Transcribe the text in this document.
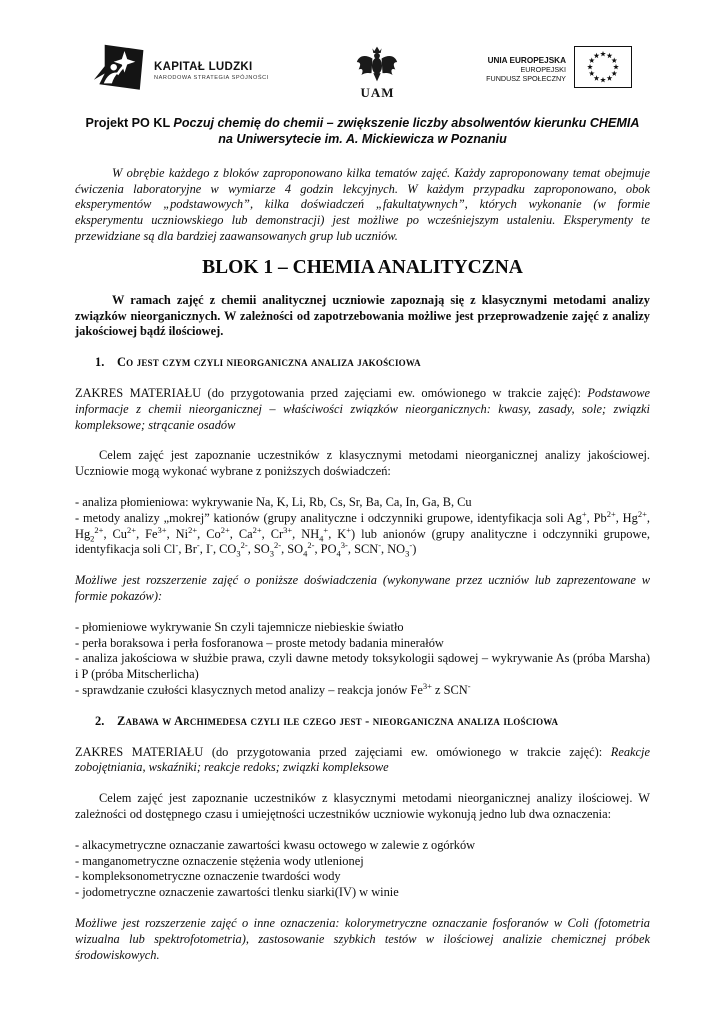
KAPITAŁ LUDZKI
NARODOWA STRATEGIA SPÓJNOŚCI
UAM
UNIA EUROPEJSKA
EUROPEJSKI
FUNDUSZ SPOŁECZNY
Projekt PO KL Poczuj chemię do chemii – zwiększenie liczby absolwentów kierunku CHEMIA
na Uniwersytecie im. A. Mickiewicza w Poznaniu

W obrębie każdego z bloków zaproponowano kilka tematów zajęć. Każdy zaproponowany temat obejmuje ćwiczenia laboratoryjne w wymiarze 4 godzin lekcyjnych. W każdym przypadku zaproponowano, obok eksperymentów „podstawowych”, kilka doświadczeń „fakultatywnych”, których wykonanie (w formie eksperymentu uczniowskiego lub demonstracji) jest możliwe po wcześniejszym ustaleniu. Eksperymenty te przewidziane są dla bardziej zaawansowanych grup lub uczniów.

BLOK 1 – CHEMIA ANALITYCZNA

W ramach zajęć z chemii analitycznej uczniowie zapoznają się z klasycznymi metodami analizy związków nieorganicznych. W zależności od zapotrzebowania możliwe jest przeprowadzenie zajęć z analizy jakościowej bądź ilościowej.

1. Co jest czym czyli nieorganiczna analiza jakościowa

ZAKRES MATERIAŁU (do przygotowania przed zajęciami ew. omówionego w trakcie zajęć): Podstawowe informacje z chemii nieorganicznej – właściwości związków nieorganicznych: kwasy, zasady, sole; związki kompleksowe; strącanie osadów

Celem zajęć jest zapoznanie uczestników z klasycznymi metodami nieorganicznej analizy jakościowej. Uczniowie mogą wykonać wybrane z poniższych doświadczeń:

- analiza płomieniowa: wykrywanie Na, K, Li, Rb, Cs, Sr, Ba, Ca, In, Ga, B, Cu

- metody analizy „mokrej” kationów (grupy analityczne i odczynniki grupowe, identyfikacja soli Ag+, $Pb^{2+}$, $Hg^{2+}$, $Hg_2^{2+}$, $Cu^{2+}$, $Fe^{3+}$, $Ni^{2+}$, $Co^{2+}$, $Ca^{2+}$, $Cr^{3+}$, $NH_4^+$, K+) lub anionów (grupy analityczne i odczynniki grupowe, identyfikacja soli Cl-, Br-, I-, $CO_3^{2-}$, $SO_3^{2-}$, $SO_4^{2-}$, $PO_4^{3-}$, SCN-, $NO_3^-$)

Możliwe jest rozszerzenie zajęć o poniższe doświadczenia (wykonywane przez uczniów lub zaprezentowane w formie pokazów):

- płomieniowe wykrywanie Sn czyli tajemnicze niebieskie światło

- perła boraksowa i perła fosforanowa – proste metody badania minerałów

- analiza jakościowa w służbie prawa, czyli dawne metody toksykologii sądowej – wykrywanie As (próba Marsha) i P (próba Mitscherlicha)

- sprawdzanie czułości klasycznych metod analizy – reakcja jonów $Fe^{3+}$ z SCN-

2. Zabawa w Archimedesa czyli ile czego jest - nieorganiczna analiza ilościowa

ZAKRES MATERIAŁU (do przygotowania przed zajęciami ew. omówionego w trakcie zajęć): Reakcje zobojętniania, wskaźniki; reakcje redoks; związki kompleksowe

Celem zajęć jest zapoznanie uczestników z klasycznymi metodami nieorganicznej analizy ilościowej. W zależności od dostępnego czasu i umiejętności uczestników uczniowie wykonują jedno lub dwa oznaczenia:

- alkacymetryczne oznaczanie zawartości kwasu octowego w zalewie z ogórków

- manganometryczne oznaczenie stężenia wody utlenionej

- kompleksonometryczne oznaczenie twardości wody

- jodometryczne oznaczenie zawartości tlenku siarki(IV) w winie

Możliwe jest rozszerzenie zajęć o inne oznaczenia: kolorymetryczne oznaczanie fosforanów w Coli (fotometria wizualna lub spektrofotometria), zastosowanie szybkich testów w ilościowej analizie chemicznej próbek środowiskowych.
